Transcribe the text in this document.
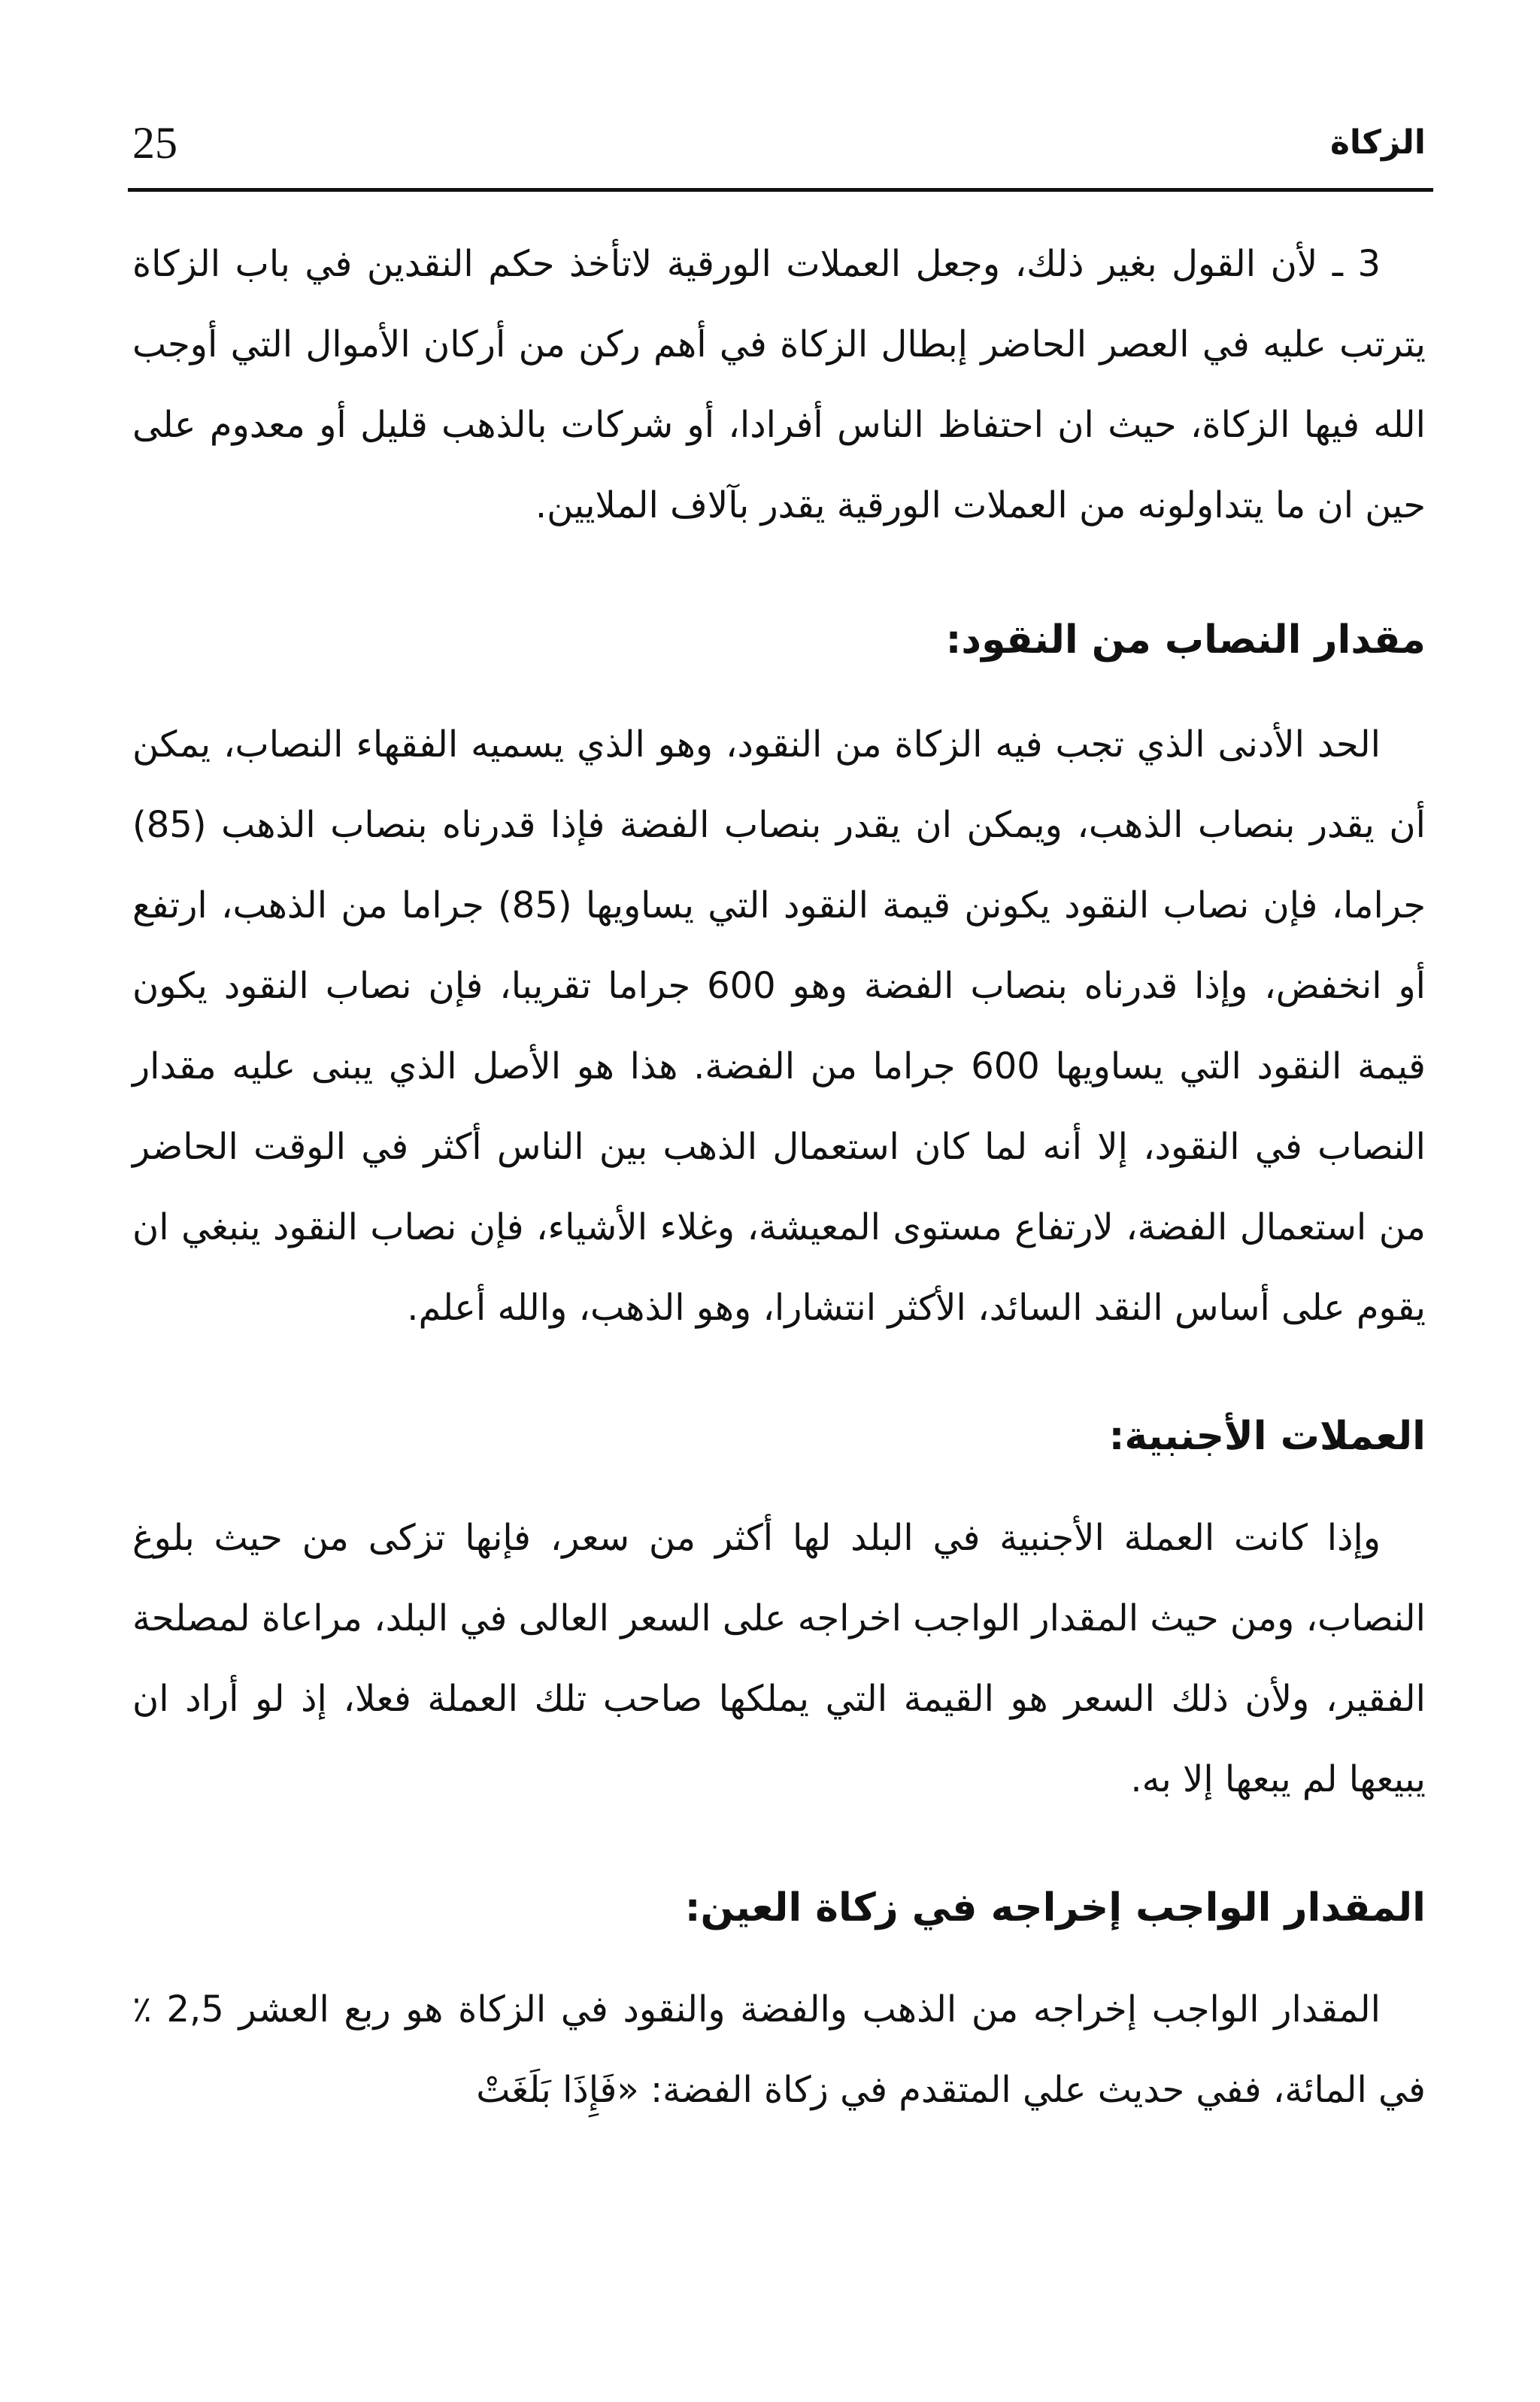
25	الزكاة

3 ـ لأن القول بغير ذلك، وجعل العملات الورقية لاتأخذ حكم النقدين في باب الزكاة يترتب عليه في العصر الحاضر إبطال الزكاة في أهم ركن من أركان الأموال التي أوجب الله فيها الزكاة، حيث ان احتفاظ الناس أفرادا، أو شركات بالذهب قليل أو معدوم على حين ان ما يتداولونه من العملات الورقية يقدر بآلاف الملايين.

مقدار النصاب من النقود:

الحد الأدنى الذي تجب فيه الزكاة من النقود، وهو الذي يسميه الفقهاء النصاب، يمكن أن يقدر بنصاب الذهب، ويمكن ان يقدر بنصاب الفضة فإذا قدرناه بنصاب الذهب (85) جراما، فإن نصاب النقود يكونن قيمة النقود التي يساويها (85) جراما من الذهب، ارتفع أو انخفض، وإذا قدرناه بنصاب الفضة وهو 600 جراما تقريبا، فإن نصاب النقود يكون قيمة النقود التي يساويها 600 جراما من الفضة. هذا هو الأصل الذي يبنى عليه مقدار النصاب في النقود، إلا أنه لما كان استعمال الذهب بين الناس أكثر في الوقت الحاضر من استعمال الفضة، لارتفاع مستوى المعيشة، وغلاء الأشياء، فإن نصاب النقود ينبغي ان يقوم على أساس النقد السائد، الأكثر انتشارا، وهو الذهب، والله أعلم.

العملات الأجنبية:

وإذا كانت العملة الأجنبية في البلد لها أكثر من سعر، فإنها تزكى من حيث بلوغ النصاب، ومن حيث المقدار الواجب اخراجه على السعر العالى في البلد، مراعاة لمصلحة الفقير، ولأن ذلك السعر هو القيمة التي يملكها صاحب تلك العملة فعلا، إذ لو أراد ان يبيعها لم يبعها إلا به.

المقدار الواجب إخراجه في زكاة العين:

المقدار الواجب إخراجه من الذهب والفضة والنقود في الزكاة هو ربع العشر 2,5 ٪ في المائة، ففي حديث علي المتقدم في زكاة الفضة: «فَإِذَا بَلَغَتْ
